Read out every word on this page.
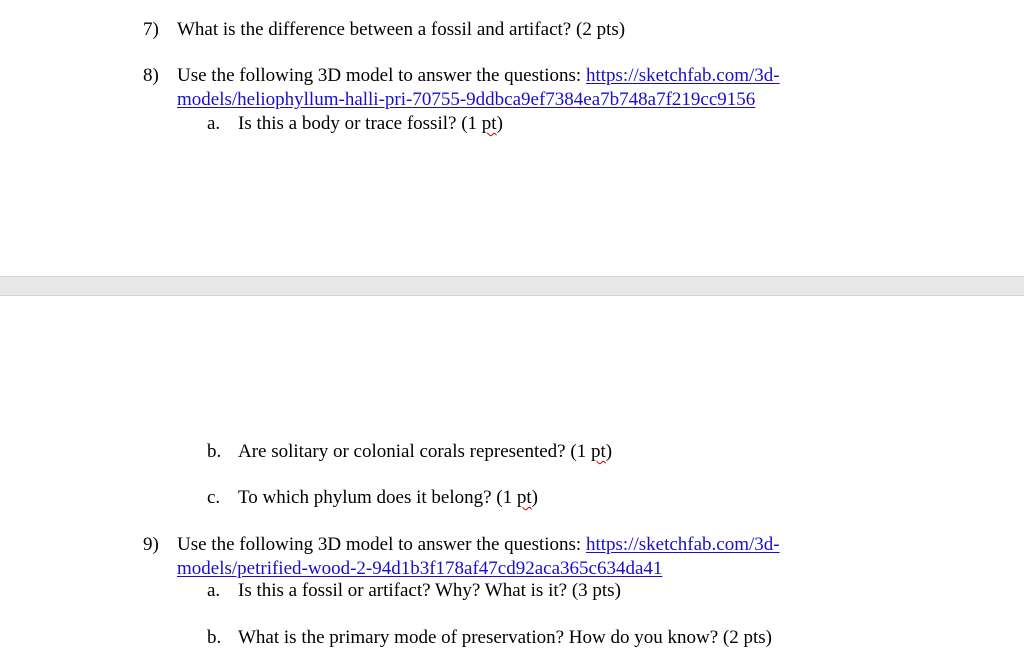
7) What is the difference between a fossil and artifact? (2 pts)
8) Use the following 3D model to answer the questions: https://sketchfab.com/3d-
models/heliophyllum-halli-pri-70755-9ddbca9ef7384ea7b748a7f219cc9156
a. Is this a body or trace fossil? (1 pt)
b. Are solitary or colonial corals represented? (1 pt)
c. To which phylum does it belong? (1 pt)
9) Use the following 3D model to answer the questions: https://sketchfab.com/3d-
models/petrified-wood-2-94d1b3f178af47cd92aca365c634da41
a. Is this a fossil or artifact? Why? What is it? (3 pts)
b. What is the primary mode of preservation? How do you know? (2 pts)
